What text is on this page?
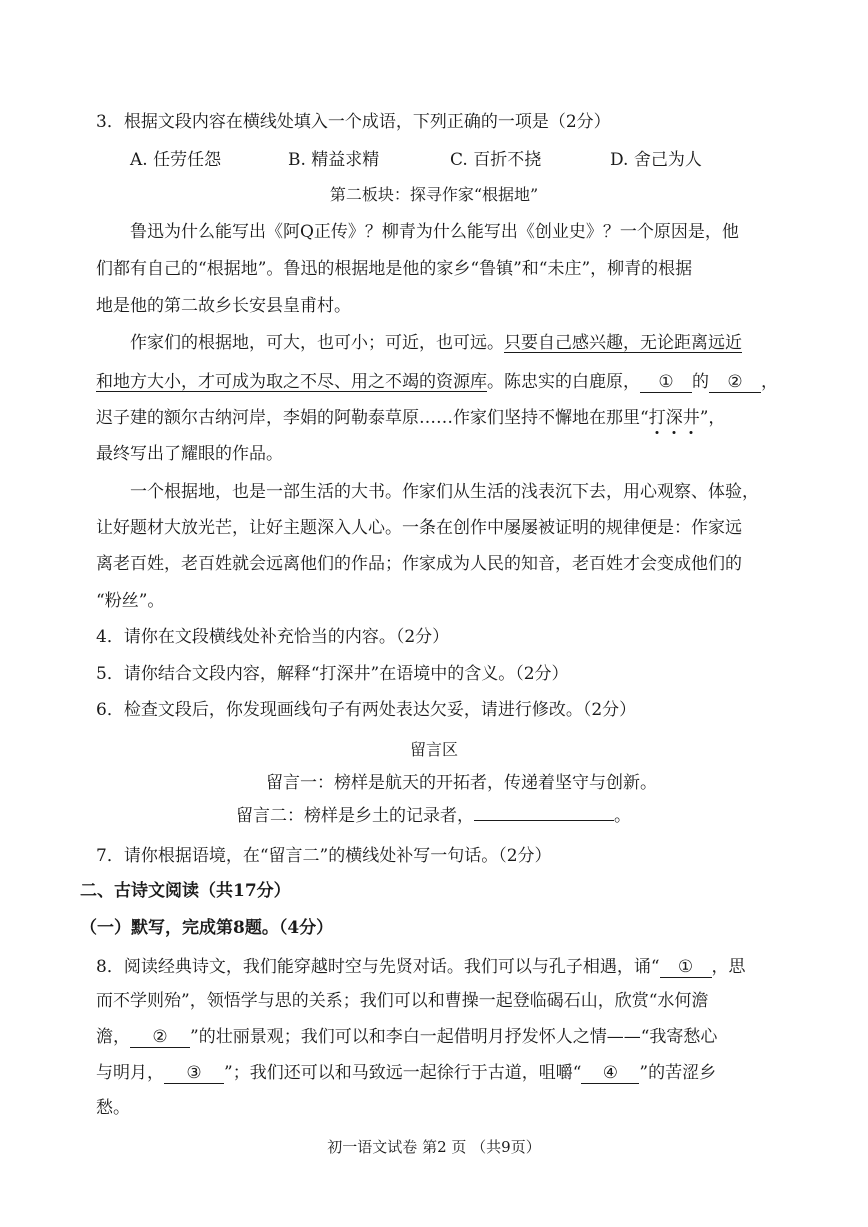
3．根据文段内容在横线处填入一个成语，下列正确的一项是（2分）
A. 任劳任怨	B. 精益求精	C. 百折不挠	D. 舍己为人
第二板块：探寻作家“根据地”
鲁迅为什么能写出《阿Q正传》？柳青为什么能写出《创业史》？一个原因是，他
们都有自己的“根据地”。鲁迅的根据地是他的家乡“鲁镇”和“未庄”，柳青的根据
地是他的第二故乡长安县皇甫村。
作家们的根据地，可大，也可小；可近，也可远。只要自己感兴趣，无论距离远近
和地方大小，才可成为取之不尽、用之不竭的资源库。陈忠实的白鹿原， ① 的 ② ，
迟子建的额尔古纳河岸，李娟的阿勒泰草原……作家们坚持不懈地在那里“打深井”，
最终写出了耀眼的作品。
一个根据地，也是一部生活的大书。作家们从生活的浅表沉下去，用心观察、体验，
让好题材大放光芒，让好主题深入人心。一条在创作中屡屡被证明的规律便是：作家远
离老百姓，老百姓就会远离他们的作品；作家成为人民的知音，老百姓才会变成他们的
“粉丝”。
4．请你在文段横线处补充恰当的内容。（2分）
5．请你结合文段内容，解释“打深井”在语境中的含义。（2分）
6．检查文段后，你发现画线句子有两处表达欠妥，请进行修改。（2分）
留言区
留言一：榜样是航天的开拓者，传递着坚守与创新。
留言二：榜样是乡土的记录者，	。
7．请你根据语境，在“留言二”的横线处补写一句话。（2分）
二、古诗文阅读（共17分）
（一）默写，完成第8题。（4分）
8．阅读经典诗文，我们能穿越时空与先贤对话。我们可以与孔子相遇，诵“ ① ，思
而不学则殆”，领悟学与思的关系；我们可以和曹操一起登临碣石山，欣赏“水何澹
澹， ② ”的壮丽景观；我们可以和李白一起借明月抒发怀人之情——“我寄愁心
与明月， ③ ”；我们还可以和马致远一起徐行于古道，咀嚼“ ④ ”的苦涩乡
愁。
初一语文试卷 第2 页 （共9页）
